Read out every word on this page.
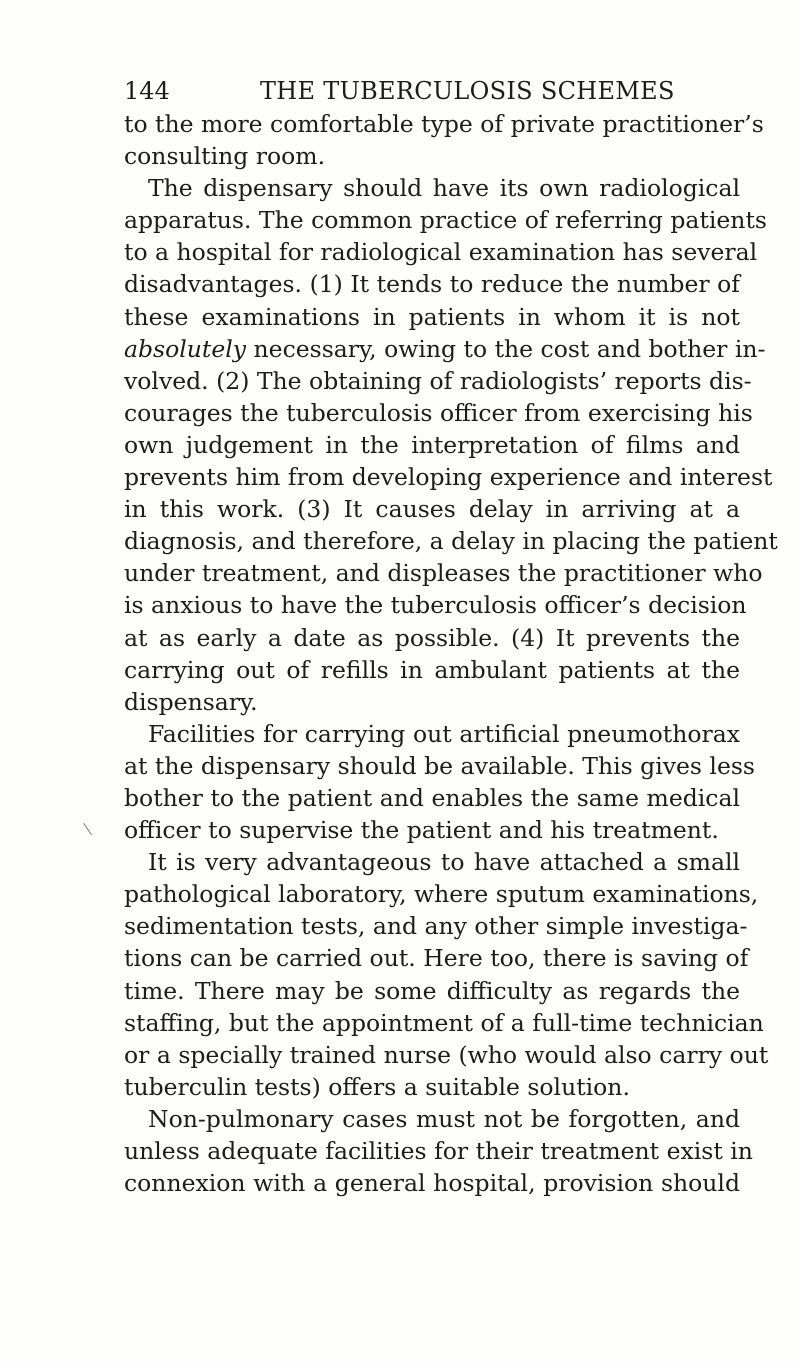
144	THE TUBERCULOSIS SCHEMES
to the more comfortable type of private practitioner’s
consulting room.
The dispensary should have its own radiological
apparatus. The common practice of referring patients
to a hospital for radiological examination has several
disadvantages. (1) It tends to reduce the number of
these examinations in patients in whom it is not
absolutely necessary, owing to the cost and bother in-
volved. (2) The obtaining of radiologists’ reports dis-
courages the tuberculosis officer from exercising his
own judgement in the interpretation of films and
prevents him from developing experience and interest
in this work. (3) It causes delay in arriving at a
diagnosis, and therefore, a delay in placing the patient
under treatment, and displeases the practitioner who
is anxious to have the tuberculosis officer’s decision
at as early a date as possible. (4) It prevents the
carrying out of refills in ambulant patients at the
dispensary.
Facilities for carrying out artificial pneumothorax
at the dispensary should be available. This gives less
bother to the patient and enables the same medical
officer to supervise the patient and his treatment.
It is very advantageous to have attached a small
pathological laboratory, where sputum examinations,
sedimentation tests, and any other simple investiga-
tions can be carried out. Here too, there is saving of
time. There may be some difficulty as regards the
staffing, but the appointment of a full-time technician
or a specially trained nurse (who would also carry out
tuberculin tests) offers a suitable solution.
Non-pulmonary cases must not be forgotten, and
unless adequate facilities for their treatment exist in
connexion with a general hospital, provision should
